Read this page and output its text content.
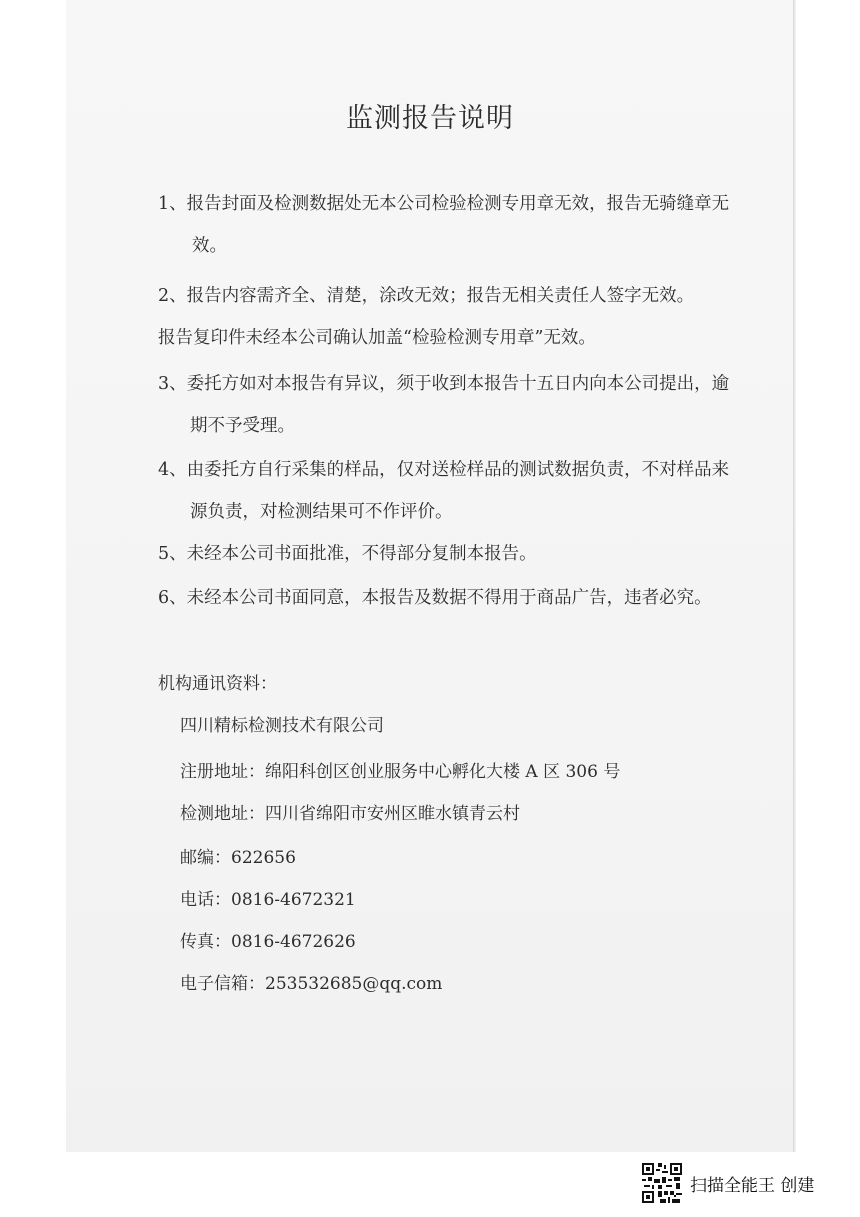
监测报告说明
1、报告封面及检测数据处无本公司检验检测专用章无效，报告无骑缝章无
效。
2、报告内容需齐全、清楚，涂改无效；报告无相关责任人签字无效。
报告复印件未经本公司确认加盖“检验检测专用章”无效。
3、委托方如对本报告有异议，须于收到本报告十五日内向本公司提出，逾
期不予受理。
4、由委托方自行采集的样品，仅对送检样品的测试数据负责，不对样品来
源负责，对检测结果可不作评价。
5、未经本公司书面批准，不得部分复制本报告。
6、未经本公司书面同意，本报告及数据不得用于商品广告，违者必究。
机构通讯资料：
四川精标检测技术有限公司
注册地址：绵阳科创区创业服务中心孵化大楼 A 区 306 号
检测地址：四川省绵阳市安州区睢水镇青云村
邮编：622656
电话：0816-4672321
传真：0816-4672626
电子信箱：253532685@qq.com
扫描全能王 创建
